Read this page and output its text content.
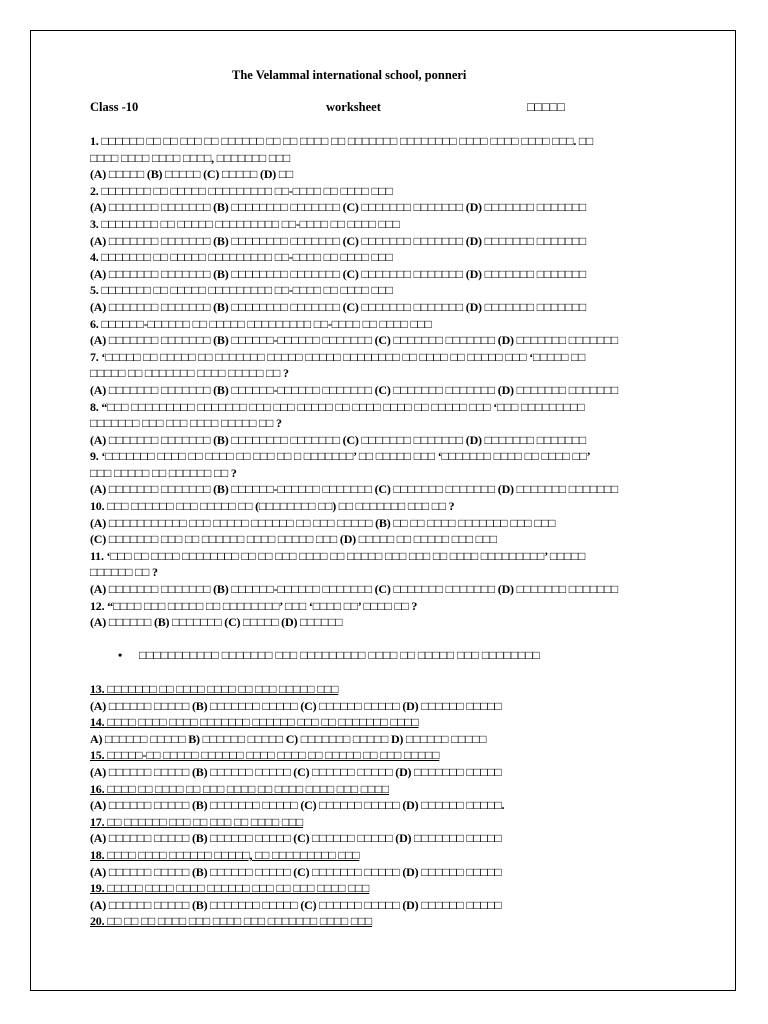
The Velammal international school, ponneri
Class -10	worksheet	□□□□□
1. □□□□□□ □□ □□ □□□ □□ □□□□□□ □□ □□ □□□□ □□ □□□□□□□ □□□□□□□□ □□□□ □□□□ □□□□ □□□. □□
□□□□ □□□□ □□□□ □□□□, □□□□□□□ □□□
(A) □□□□□ (B) □□□□□ (C) □□□□□ (D) □□
2. □□□□□□□ □□ □□□□□ □□□□□□□□□ □□-□□□□ □□ □□□□ □□□
(A) □□□□□□□ □□□□□□□ (B) □□□□□□□□ □□□□□□□ (C) □□□□□□□ □□□□□□□ (D) □□□□□□□ □□□□□□□
3. □□□□□□□□ □□ □□□□□ □□□□□□□□□ □□-□□□□ □□ □□□□ □□□
(A) □□□□□□□ □□□□□□□ (B) □□□□□□□□ □□□□□□□ (C) □□□□□□□ □□□□□□□ (D) □□□□□□□ □□□□□□□
4. □□□□□□□ □□ □□□□□ □□□□□□□□□ □□-□□□□ □□ □□□□ □□□
(A) □□□□□□□ □□□□□□□ (B) □□□□□□□□ □□□□□□□ (C) □□□□□□□ □□□□□□□ (D) □□□□□□□ □□□□□□□
5. □□□□□□□ □□ □□□□□ □□□□□□□□□ □□-□□□□ □□ □□□□ □□□
(A) □□□□□□□ □□□□□□□ (B) □□□□□□□□ □□□□□□□ (C) □□□□□□□ □□□□□□□ (D) □□□□□□□ □□□□□□□
6. □□□□□□-□□□□□□ □□ □□□□□ □□□□□□□□□ □□-□□□□ □□ □□□□ □□□
(A) □□□□□□□ □□□□□□□ (B) □□□□□□-□□□□□□ □□□□□□□ (C) □□□□□□□ □□□□□□□ (D) □□□□□□□ □□□□□□□
7. ‘□□□□□ □□ □□□□□ □□ □□□□□□□ □□□□□ □□□□□ □□□□□□□□ □□ □□□□ □□ □□□□□ □□□ ‘□□□□□ □□
□□□□□ □□ □□□□□□□ □□□□ □□□□□ □□ ?
(A) □□□□□□□ □□□□□□□ (B) □□□□□□-□□□□□□ □□□□□□□ (C) □□□□□□□ □□□□□□□ (D) □□□□□□□ □□□□□□□
8. “□□□ □□□□□□□□□ □□□□□□□ □□□ □□□ □□□□□ □□ □□□□ □□□□ □□ □□□□□ □□□ ‘□□□ □□□□□□□□□
□□□□□□□ □□□ □□□ □□□□ □□□□□ □□ ?
(A) □□□□□□□ □□□□□□□ (B) □□□□□□□□ □□□□□□□ (C) □□□□□□□ □□□□□□□ (D) □□□□□□□ □□□□□□□
9. ‘□□□□□□□ □□□□ □□ □□□□ □□ □□□ □□ □ □□□□□□□’ □□ □□□□□ □□□ ‘□□□□□□□ □□□□ □□ □□□□ □□’
□□□ □□□□□ □□ □□□□□□ □□ ?
(A) □□□□□□□ □□□□□□□ (B) □□□□□□-□□□□□□ □□□□□□□ (C) □□□□□□□ □□□□□□□ (D) □□□□□□□ □□□□□□□
10. □□□ □□□□□□ □□□ □□□□□ □□ (□□□□□□□□ □□) □□ □□□□□□□ □□□ □□ ?
(A) □□□□□□□□□□□ □□□ □□□□□ □□□□□□ □□ □□□ □□□□□ (B) □□ □□ □□□□ □□□□□□□ □□□ □□□
(C) □□□□□□□ □□□ □□ □□□□□□ □□□□ □□□□□ □□□ (D) □□□□□ □□ □□□□□ □□□ □□□
11. ‘□□□ □□ □□□□ □□□□□□□□ □□ □□ □□□ □□□□ □□ □□□□□ □□□ □□□ □□ □□□□ □□□□□□□□□’ □□□□□
□□□□□□ □□ ?
(A) □□□□□□□ □□□□□□□ (B) □□□□□□-□□□□□□ □□□□□□□ (C) □□□□□□□ □□□□□□□ (D) □□□□□□□ □□□□□□□
12. “□□□□ □□□ □□□□□ □□ □□□□□□□□’ □□□ ‘□□□□ □□’ □□□□ □□ ?
(A) □□□□□□ (B) □□□□□□□ (C) □□□□□ (D) □□□□□□
• □□□□□□□□□□□ □□□□□□□ □□□ □□□□□□□□□ □□□□ □□ □□□□□ □□□ □□□□□□□□
13. □□□□□□□ □□ □□□□ □□□□ □□ □□□ □□□□□ □□□
(A) □□□□□□ □□□□□ (B) □□□□□□□ □□□□□ (C) □□□□□□ □□□□□ (D) □□□□□□ □□□□□
14. □□□□ □□□□ □□□□ □□□□□□□ □□□□□□ □□□ □□ □□□□□□□ □□□□
A) □□□□□□ □□□□□ B) □□□□□□ □□□□□ C) □□□□□□□ □□□□□ D) □□□□□□ □□□□□
15. □□□□□-□□ □□□□□ □□□□□□ □□□□ □□□□ □□ □□□□□ □□ □□□ □□□□□
(A) □□□□□□ □□□□□ (B) □□□□□□ □□□□□ (C) □□□□□□ □□□□□ (D) □□□□□□□ □□□□□
16. □□□□ □□ □□□□ □□ □□□ □□□□ □□ □□□□ □□□□ □□□ □□□□
(A) □□□□□□ □□□□□ (B) □□□□□□□ □□□□□ (C) □□□□□□ □□□□□ (D) □□□□□□ □□□□□.
17. □□ □□□□□□ □□□ □□ □□□ □□ □□□□ □□□
(A) □□□□□□ □□□□□ (B) □□□□□□ □□□□□ (C) □□□□□□ □□□□□ (D) □□□□□□□ □□□□□
18. □□□□ □□□□ □□□□□□ □□□□□, □□ □□□□□□□□□ □□□
(A) □□□□□□ □□□□□ (B) □□□□□□ □□□□□ (C) □□□□□□□ □□□□□ (D) □□□□□□ □□□□□
19. □□□□□ □□□□ □□□□ □□□□□□ □□□ □□ □□□ □□□□ □□□
(A) □□□□□□ □□□□□ (B) □□□□□□□ □□□□□ (C) □□□□□□ □□□□□ (D) □□□□□□ □□□□□
20. □□ □□ □□ □□□□ □□□ □□□□ □□□ □□□□□□□ □□□□ □□□
